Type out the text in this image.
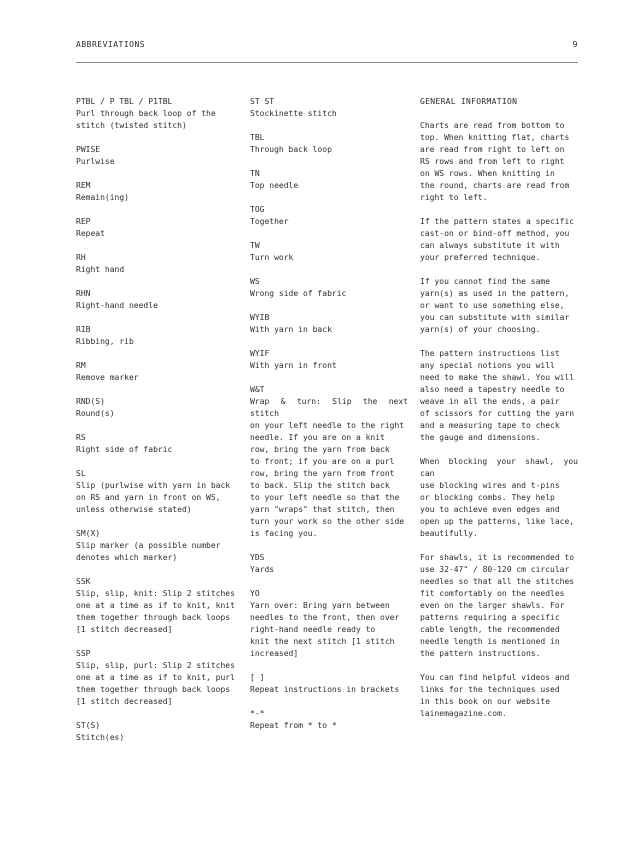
ABBREVIATIONS	9
PTBL / P TBL / P1TBL
Purl through back loop of the
stitch (twisted stitch)
PWISE
Purlwise
REM
Remain(ing)
REP
Repeat
RH
Right hand
RHN
Right-hand needle
RIB
Ribbing, rib
RM
Remove marker
RND(S)
Round(s)
RS
Right side of fabric
SL
Slip (purlwise with yarn in back
on RS and yarn in front on WS,
unless otherwise stated)
SM(X)
Slip marker (a possible number
denotes which marker)
SSK
Slip, slip, knit: Slip 2 stitches
one at a time as if to knit, knit
them together through back loops
[1 stitch decreased]
SSP
Slip, slip, purl: Slip 2 stitches
one at a time as if to knit, purl
them together through back loops
[1 stitch decreased]
ST(S)
Stitch(es)
ST ST
Stockinette stitch
TBL
Through back loop
TN
Top needle
TOG
Together
TW
Turn work
WS
Wrong side of fabric
WYIB
With yarn in back
WYIF
With yarn in front
W&T
Wrap & turn: Slip the next stitch
on your left needle to the right
needle. If you are on a knit
row, bring the yarn from back
to front; if you are on a purl
row, bring the yarn from front
to back. Slip the stitch back
to your left needle so that the
yarn "wraps" that stitch, then
turn your work so the other side
is facing you.
YDS
Yards
YO
Yarn over: Bring yarn between
needles to the front, then over
right-hand needle ready to
knit the next stitch [1 stitch
increased]
[ ]
Repeat instructions in brackets
*-*
Repeat from * to *
GENERAL INFORMATION
Charts are read from bottom to
top. When knitting flat, charts
are read from right to left on
RS rows and from left to right
on WS rows. When knitting in
the round, charts are read from
right to left.
If the pattern states a specific
cast-on or bind-off method, you
can always substitute it with
your preferred technique.
If you cannot find the same
yarn(s) as used in the pattern,
or want to use something else,
you can substitute with similar
yarn(s) of your choosing.
The pattern instructions list
any special notions you will
need to make the shawl. You will
also need a tapestry needle to
weave in all the ends, a pair
of scissors for cutting the yarn
and a measuring tape to check
the gauge and dimensions.
When blocking your shawl, you can
use blocking wires and t-pins
or blocking combs. They help
you to achieve even edges and
open up the patterns, like lace,
beautifully.
For shawls, it is recommended to
use 32-47" / 80-120 cm circular
needles so that all the stitches
fit comfortably on the needles
even on the larger shawls. For
patterns requiring a specific
cable length, the recommended
needle length is mentioned in
the pattern instructions.
You can find helpful videos and
links for the techniques used
in this book on our website
lainemagazine.com.
